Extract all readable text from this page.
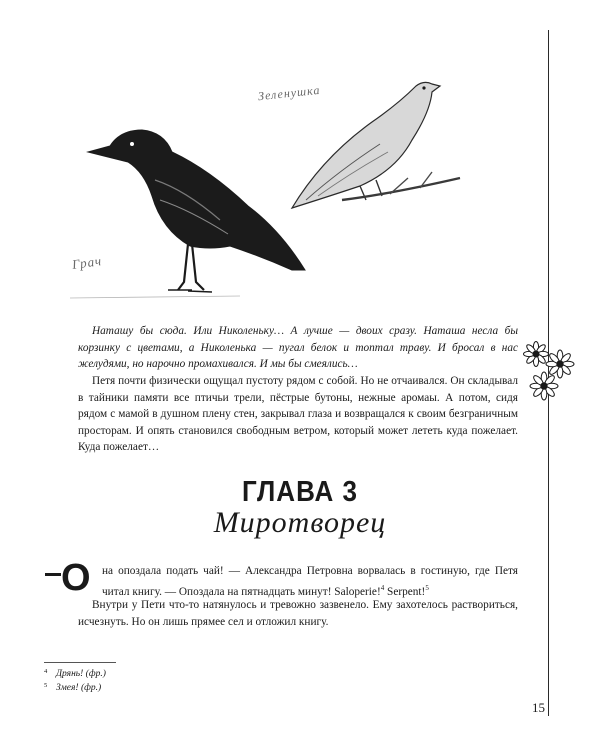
Грач
Зеленушка

Наташу бы сюда. Или Николеньку… А лучше — двоих сразу. Наташа несла бы корзинку с цветами, а Николенька — пугал белок и топтал траву. И бросал в нас желудями, но нарочно промахивался. И мы бы смеялись…

Петя почти физически ощущал пустоту рядом с собой. Но не отчаивался. Он складывал в тайники памяти все птичьи трели, пёстрые бутоны, нежные аромаы. А потом, сидя рядом с мамой в душном плену стен, закрывал глаза и возвращался к своим безграничным просторам. И опять становился свободным ветром, который может лететь куда пожелает. Куда пожелает…

ГЛАВА 3
Миротворец
О на опоздала подать чай! — Александра Петровна ворвалась в гостиную, где Петя читал книгу. — Опоздала на пятнадцать минут! Saloperie!$^4$ Serpent!$^5$

Внутри у Пети что-то натянулось и тревожно зазвенело. Ему захотелось раствориться, исчезнуть. Но он лишь прямее сел и отложил книгу.

4 Дрянь! (фр.)
5 Змея! (фр.)
15
